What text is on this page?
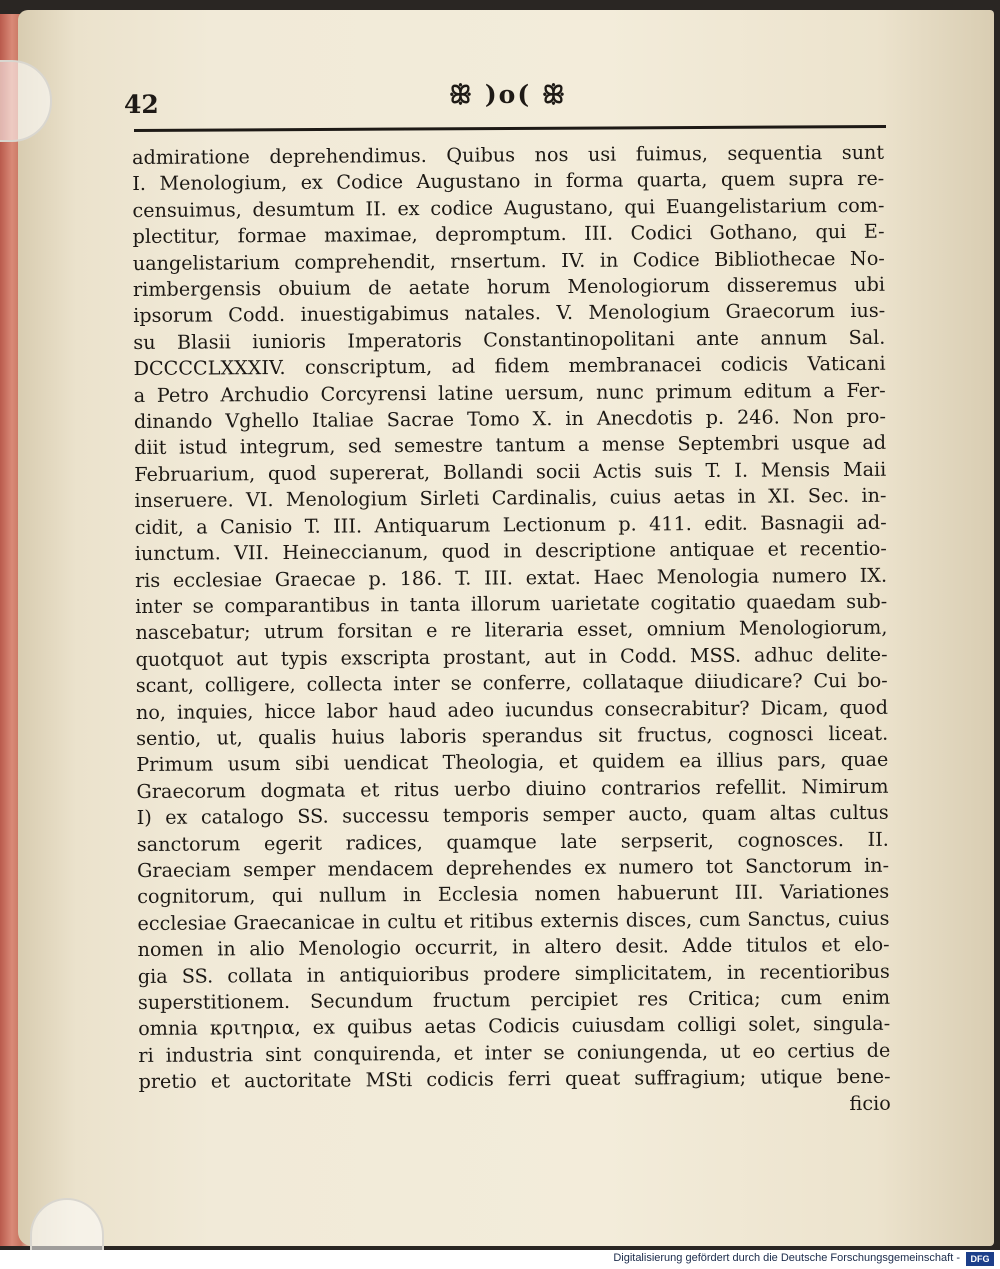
42	ꕥ )o( ꕥ
admiratione deprehendimus. Quibus nos usi fuimus, sequentia sunt
I. Menologium, ex Codice Augustano in forma quarta, quem supra re-
censuimus, desumtum II. ex codice Augustano, qui Euangelistarium com-
plectitur, formae maximae, depromptum. III. Codici Gothano, qui E-
uangelistarium comprehendit, rnsertum. IV. in Codice Bibliothecae No-
rimbergensis obuium de aetate horum Menologiorum disseremus ubi
ipsorum Codd. inuestigabimus natales. V. Menologium Graecorum ius-
su Blasii iunioris Imperatoris Constantinopolitani ante annum Sal.
DCCCCLXXXIV. conscriptum, ad fidem membranacei codicis Vaticani
a Petro Archudio Corcyrensi latine uersum, nunc primum editum a Fer-
dinando Vghello Italiae Sacrae Tomo X. in Anecdotis p. 246. Non pro-
diit istud integrum, sed semestre tantum a mense Septembri usque ad
Februarium, quod supererat, Bollandi socii Actis suis T. I. Mensis Maii
inseruere. VI. Menologium Sirleti Cardinalis, cuius aetas in XI. Sec. in-
cidit, a Canisio T. III. Antiquarum Lectionum p. 411. edit. Basnagii ad-
iunctum. VII. Heineccianum, quod in descriptione antiquae et recentio-
ris ecclesiae Graecae p. 186. T. III. extat. Haec Menologia numero IX.
inter se comparantibus in tanta illorum uarietate cogitatio quaedam sub-
nascebatur; utrum forsitan e re literaria esset, omnium Menologiorum,
quotquot aut typis exscripta prostant, aut in Codd. MSS. adhuc delite-
scant, colligere, collecta inter se conferre, collataque diiudicare? Cui bo-
no, inquies, hicce labor haud adeo iucundus consecrabitur? Dicam, quod
sentio, ut, qualis huius laboris sperandus sit fructus, cognosci liceat.
Primum usum sibi uendicat Theologia, et quidem ea illius pars, quae
Graecorum dogmata et ritus uerbo diuino contrarios refellit. Nimirum
I) ex catalogo SS. successu temporis semper aucto, quam altas cultus
sanctorum egerit radices, quamque late serpserit, cognosces. II.
Graeciam semper mendacem deprehendes ex numero tot Sanctorum in-
cognitorum, qui nullum in Ecclesia nomen habuerunt III. Variationes
ecclesiae Graecanicae in cultu et ritibus externis disces, cum Sanctus, cuius
nomen in alio Menologio occurrit, in altero desit. Adde titulos et elo-
gia SS. collata in antiquioribus prodere simplicitatem, in recentioribus
superstitionem. Secundum fructum percipiet res Critica; cum enim
omnia κριτηρια, ex quibus aetas Codicis cuiusdam colligi solet, singula-
ri industria sint conquirenda, et inter se coniungenda, ut eo certius de
pretio et auctoritate MSti codicis ferri queat suffragium; utique bene-
ficio
Digitalisierung gefördert durch die Deutsche Forschungsgemeinschaft -	DFG
